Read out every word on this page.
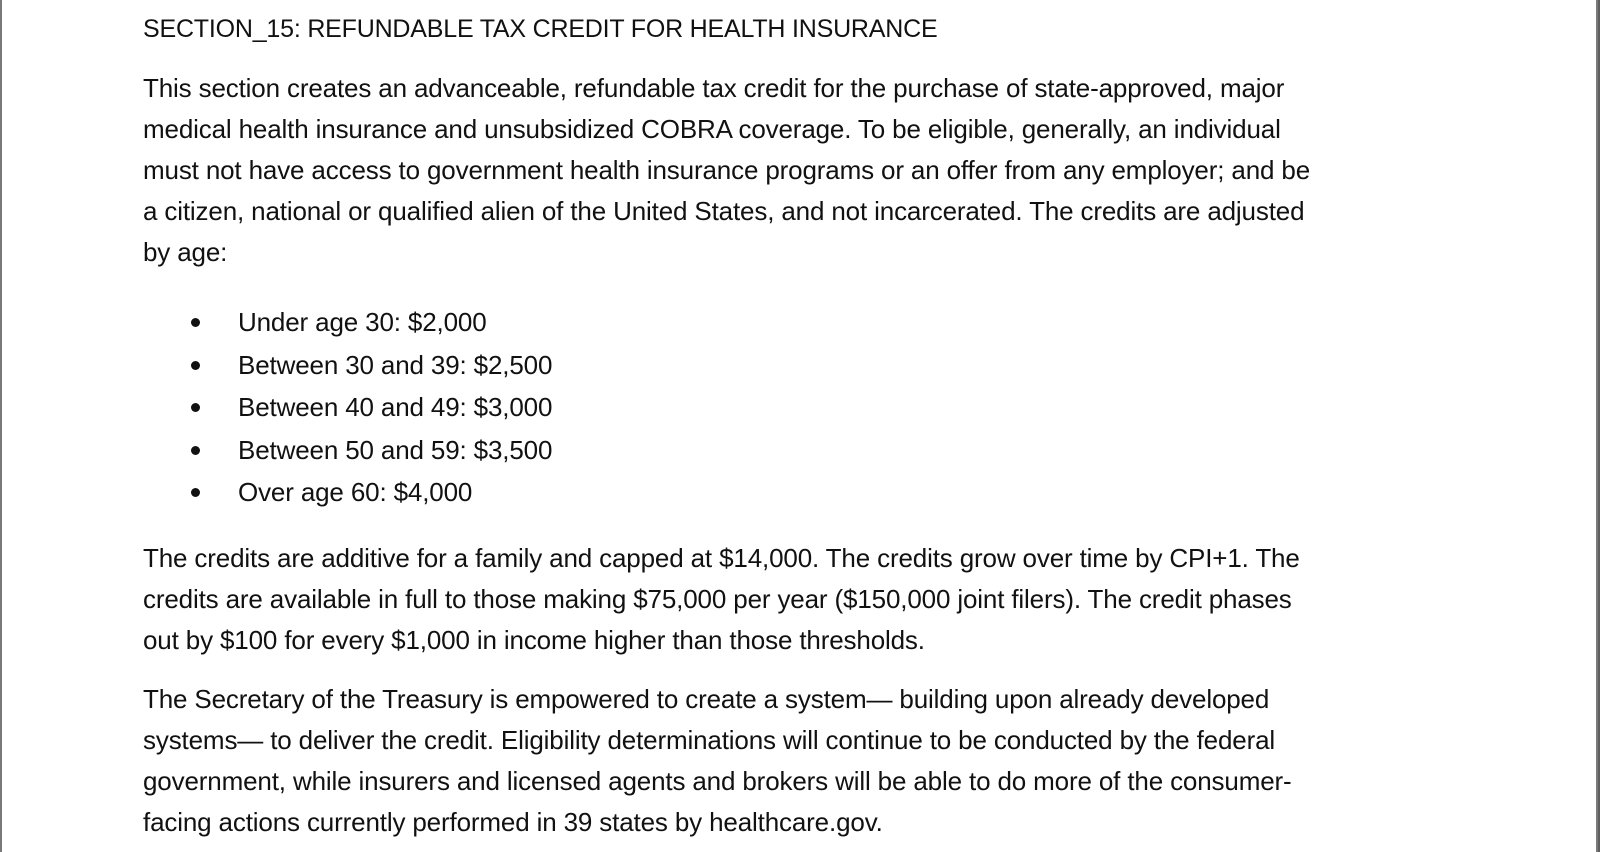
SECTION_15: REFUNDABLE TAX CREDIT FOR HEALTH INSURANCE

This section creates an advanceable, refundable tax credit for the purchase of state-approved, major
medical health insurance and unsubsidized COBRA coverage. To be eligible, generally, an individual
must not have access to government health insurance programs or an offer from any employer; and be
a citizen, national or qualified alien of the United States, and not incarcerated. The credits are adjusted
by age:

Under age 30: $2,000
Between 30 and 39: $2,500
Between 40 and 49: $3,000
Between 50 and 59: $3,500
Over age 60: $4,000

The credits are additive for a family and capped at $14,000. The credits grow over time by CPI+1. The
credits are available in full to those making $75,000 per year ($150,000 joint filers). The credit phases
out by $100 for every $1,000 in income higher than those thresholds.

The Secretary of the Treasury is empowered to create a system— building upon already developed
systems— to deliver the credit. Eligibility determinations will continue to be conducted by the federal
government, while insurers and licensed agents and brokers will be able to do more of the consumer-
facing actions currently performed in 39 states by healthcare.gov.
